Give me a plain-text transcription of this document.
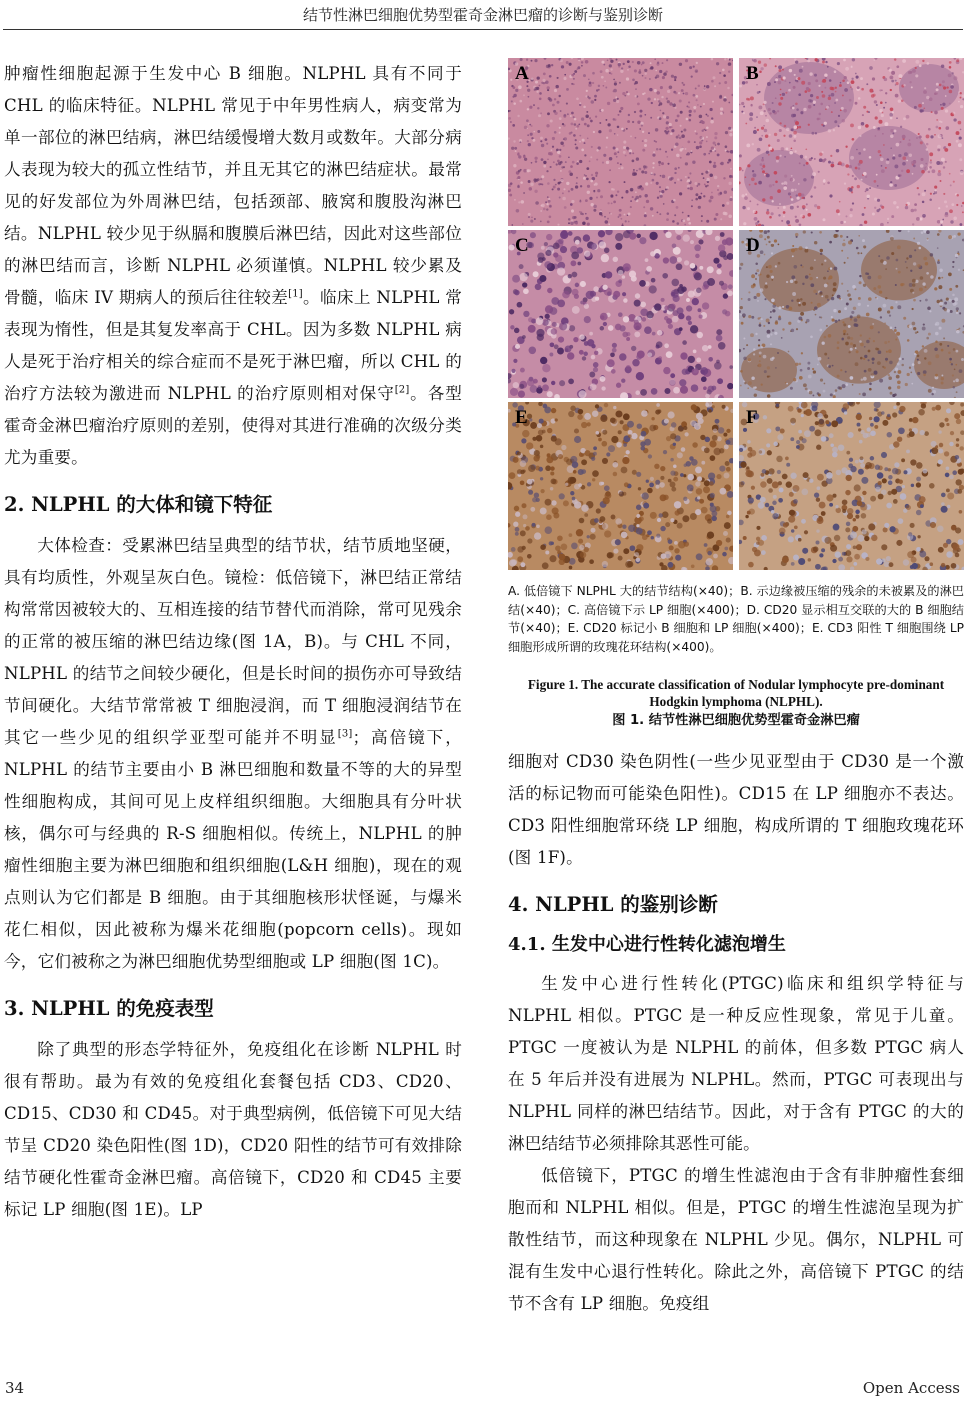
结节性淋巴细胞优势型霍奇金淋巴瘤的诊断与鉴别诊断

肿瘤性细胞起源于生发中心 B 细胞。NLPHL 具有不同于 CHL 的临床特征。NLPHL 常见于中年男性病人，病变常为单一部位的淋巴结病，淋巴结缓慢增大数月或数年。大部分病人表现为较大的孤立性结节，并且无其它的淋巴结症状。最常见的好发部位为外周淋巴结，包括颈部、腋窝和腹股沟淋巴结。NLPHL 较少见于纵膈和腹膜后淋巴结，因此对这些部位的淋巴结而言，诊断 NLPHL 必须谨慎。NLPHL 较少累及骨髓，临床 IV 期病人的预后往往较差[1]。临床上 NLPHL 常表现为惰性，但是其复发率高于 CHL。因为多数 NLPHL 病人是死于治疗相关的综合症而不是死于淋巴瘤，所以 CHL 的治疗方法较为激进而 NLPHL 的治疗原则相对保守[2]。各型霍奇金淋巴瘤治疗原则的差别，使得对其进行准确的次级分类尤为重要。

2. NLPHL 的大体和镜下特征

大体检查：受累淋巴结呈典型的结节状，结节质地坚硬，具有均质性，外观呈灰白色。镜检：低倍镜下，淋巴结正常结构常常因被较大的、互相连接的结节替代而消除，常可见残余的正常的被压缩的淋巴结边缘(图 1A，B)。与 CHL 不同，NLPHL 的结节之间较少硬化，但是长时间的损伤亦可导致结节间硬化。大结节常常被 T 细胞浸润，而 T 细胞浸润结节在其它一些少见的组织学亚型可能并不明显[3]；高倍镜下，NLPHL 的结节主要由小 B 淋巴细胞和数量不等的大的异型性细胞构成，其间可见上皮样组织细胞。大细胞具有分叶状核，偶尔可与经典的 R-S 细胞相似。传统上，NLPHL 的肿瘤性细胞主要为淋巴细胞和组织细胞(L&H 细胞)，现在的观点则认为它们都是 B 细胞。由于其细胞核形状怪诞，与爆米花仁相似，因此被称为爆米花细胞(popcorn cells)。现如今，它们被称之为淋巴细胞优势型细胞或 LP 细胞(图 1C)。

3. NLPHL 的免疫表型

除了典型的形态学特征外，免疫组化在诊断 NLPHL 时很有帮助。最为有效的免疫组化套餐包括 CD3、CD20、CD15、CD30 和 CD45。对于典型病例，低倍镜下可见大结节呈 CD20 染色阳性(图 1D)，CD20 阳性的结节可有效排除结节硬化性霍奇金淋巴瘤。高倍镜下，CD20 和 CD45 主要标记 LP 细胞(图 1E)。LP

A	B
C	D
E	F

A. 低倍镜下 NLPHL 大的结节结构(×40)；B. 示边缘被压缩的残余的未被累及的淋巴结(×40)；C. 高倍镜下示 LP 细胞(×400)；D. CD20 显示相互交联的大的 B 细胞结节(×40)；E. CD20 标记小 B 细胞和 LP 细胞(×400)；E. CD3 阳性 T 细胞围绕 LP 细胞形成所谓的玫瑰花环结构(×400)。

Figure 1. The accurate classification of Nodular lymphocyte pre-dominant Hodgkin lymphoma (NLPHL).
图 1. 结节性淋巴细胞优势型霍奇金淋巴瘤

细胞对 CD30 染色阴性(一些少见亚型由于 CD30 是一个激活的标记物而可能染色阳性)。CD15 在 LP 细胞亦不表达。CD3 阳性细胞常环绕 LP 细胞，构成所谓的 T 细胞玫瑰花环(图 1F)。

4. NLPHL 的鉴别诊断
4.1. 生发中心进行性转化滤泡增生

生发中心进行性转化(PTGC)临床和组织学特征与 NLPHL 相似。PTGC 是一种反应性现象，常见于儿童。PTGC 一度被认为是 NLPHL 的前体，但多数 PTGC 病人在 5 年后并没有进展为 NLPHL。然而，PTGC 可表现出与 NLPHL 同样的淋巴结结节。因此，对于含有 PTGC 的大的淋巴结结节必须排除其恶性可能。

低倍镜下，PTGC 的增生性滤泡由于含有非肿瘤性套细胞而和 NLPHL 相似。但是，PTGC 的增生性滤泡呈现为扩散性结节，而这种现象在 NLPHL 少见。偶尔，NLPHL 可混有生发中心退行性转化。除此之外，高倍镜下 PTGC 的结节不含有 LP 细胞。免疫组

34	Open Access
